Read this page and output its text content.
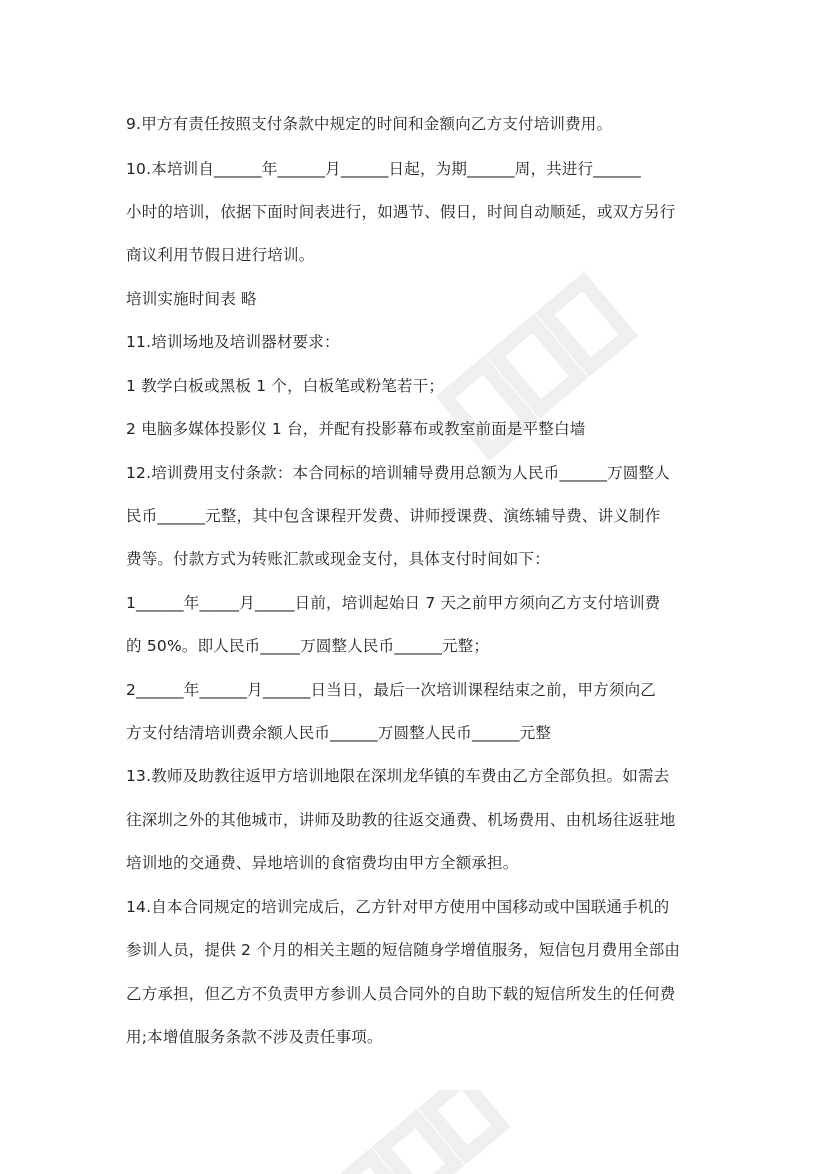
9.甲方有责任按照支付条款中规定的时间和金额向乙方支付培训费用。
10.本培训自______年______月______日起，为期______周，共进行______
小时的培训，依据下面时间表进行，如遇节、假日，时间自动顺延，或双方另行
商议利用节假日进行培训。
培训实施时间表 略
11.培训场地及培训器材要求：
1 教学白板或黑板 1 个，白板笔或粉笔若干；
2 电脑多媒体投影仪 1 台，并配有投影幕布或教室前面是平整白墙
12.培训费用支付条款：本合同标的培训辅导费用总额为人民币______万圆整人
民币______元整，其中包含课程开发费、讲师授课费、演练辅导费、讲义制作
费等。付款方式为转账汇款或现金支付，具体支付时间如下：
1______年_____月_____日前，培训起始日 7 天之前甲方须向乙方支付培训费
的 50%。即人民币_____万圆整人民币______元整；
2______年______月______日当日，最后一次培训课程结束之前，甲方须向乙
方支付结清培训费余额人民币______万圆整人民币______元整
13.教师及助教往返甲方培训地限在深圳龙华镇的车费由乙方全部负担。如需去
往深圳之外的其他城市，讲师及助教的往返交通费、机场费用、由机场往返驻地
培训地的交通费、异地培训的食宿费均由甲方全额承担。
14.自本合同规定的培训完成后，乙方针对甲方使用中国移动或中国联通手机的
参训人员，提供 2 个月的相关主题的短信随身学增值服务，短信包月费用全部由
乙方承担，但乙方不负责甲方参训人员合同外的自助下载的短信所发生的任何费
用;本增值服务条款不涉及责任事项。
